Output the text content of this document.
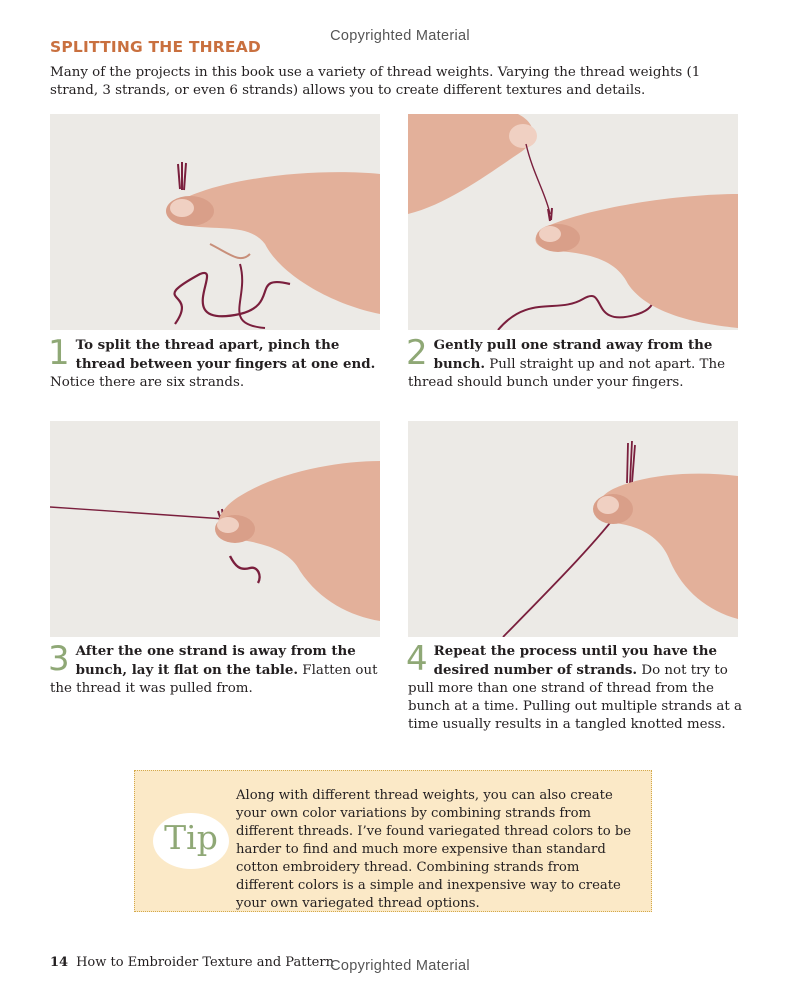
Copyrighted Material
SPLITTING THE THREAD
Many of the projects in this book use a variety of thread weights. Varying the thread weights (1 strand, 3 strands, or even 6 strands) allows you to create different textures and details.
1 To split the thread apart, pinch the thread between your fingers at one end. Notice there are six strands.
2 Gently pull one strand away from the bunch. Pull straight up and not apart. The thread should bunch under your fingers.
3 After the one strand is away from the bunch, lay it flat on the table. Flatten out the thread it was pulled from.
4 Repeat the process until you have the desired number of strands. Do not try to pull more than one strand of thread from the bunch at a time. Pulling out multiple strands at a time usually results in a tangled knotted mess.
Tip
Along with different thread weights, you can also create your own color variations by combining strands from different threads. I’ve found variegated thread colors to be harder to find and much more expensive than standard cotton embroidery thread. Combining strands from different colors is a simple and inexpensive way to create your own variegated thread options.
14 How to Embroider Texture and Pattern
Copyrighted Material
